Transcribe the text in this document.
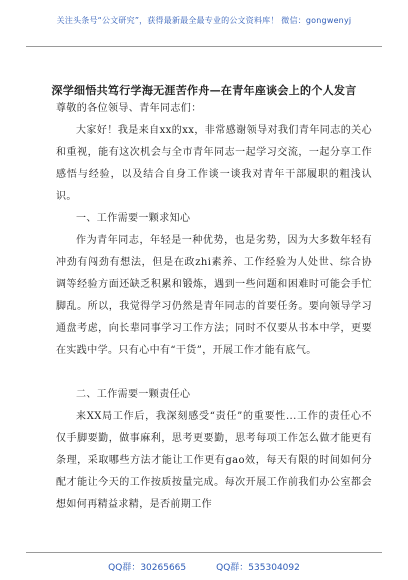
关注头条号“公文研究”，获得最新最全最专业的公文资料库！ 微信：gongwenyj
深学细悟共笃行学海无涯苦作舟—在青年座谈会上的个人发言

尊敬的各位领导、青年同志们：

大家好！我是来自xx的xx，非常感谢领导对我们青年同志的关心和重视，能有这次机会与全市青年同志一起学习交流，一起分享工作感悟与经验，以及结合自身工作谈一谈我对青年干部履职的粗浅认识。

一、工作需要一颗求知心

作为青年同志，年轻是一种优势，也是劣势，因为大多数年轻有冲劲有闯劲有想法，但是在政zhi素养、工作经验为人处世、综合协调等经验方面还缺乏积累和锻炼，遇到一些问题和困难时可能会手忙脚乱。所以，我觉得学习仍然是青年同志的首要任务。要向领导学习通盘考虑，向长辈同事学习工作方法；同时不仅要从书本中学，更要在实践中学。只有心中有“干货”，开展工作才能有底气。

二、工作需要一颗责任心

来XX局工作后，我深刻感受“责任”的重要性...工作的责任心不仅手脚要勤，做事麻利，思考更要勤，思考每项工作怎么做才能更有条理，采取哪些方法才能让工作更有gao效，每天有限的时间如何分配才能让今天的工作按质按量完成。每次开展工作前我们办公室都会想如何再精益求精，是否前期工作

QQ群：30265665	QQ群：535304092
